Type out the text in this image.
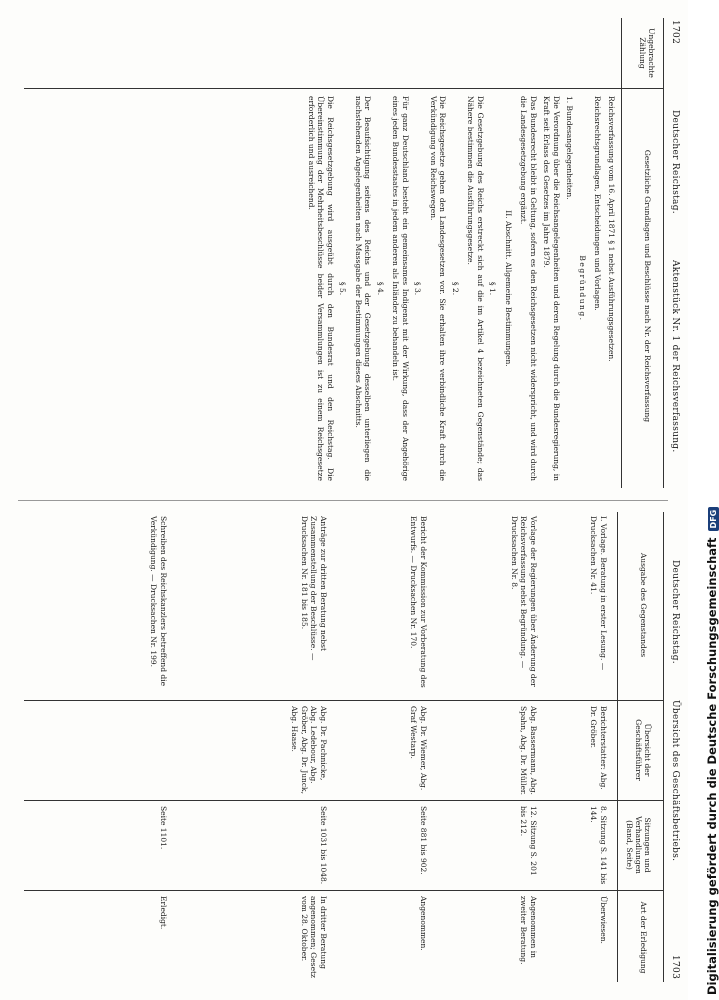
1702
Deutscher Reichstag.
Aktenstück Nr. 1 der Reichsverfassung.
Deutscher Reichstag.
Übersicht des Geschäftsbetriebs.
1703
Ungebrachte Zählung
Gesetzliche Grundlagen und Beschlüsse nach Nr. der Reichsverfassung

Reichsverfassung vom 16. April 1871 § 1 nebst Ausführungsgesetzen.

Reichsrechtsgrundlagen, Entscheidungen und Vorlagen.

Begründung.

1. Bundesangelegenheiten.

Die Verordnung über die Reichsangelegenheiten und deren Regelung durch die Bundesregierung, in Kraft seit Erlass des Gesetzes im Jahre 1879.

Das Bundesrecht bleibt in Geltung, sofern es den Reichsgesetzen nicht widerspricht, und wird durch die Landesgesetzgebung ergänzt.

II. Abschnitt. Allgemeine Bestimmungen.

§ 1.

Die Gesetzgebung des Reichs erstreckt sich auf die im Artikel 4 bezeichneten Gegenstände; das Nähere bestimmen die Ausführungsgesetze.

§ 2.

Die Reichsgesetze gehen den Landesgesetzen vor. Sie erhalten ihre verbindliche Kraft durch die Verkündigung von Reichswegen.

§ 3.

Für ganz Deutschland besteht ein gemeinsames Indigenat mit der Wirkung, dass der Angehörige eines jeden Bundesstaates in jedem anderen als Inländer zu behandeln ist.

§ 4.

Der Beaufsichtigung seitens des Reichs und der Gesetzgebung desselben unterliegen die nachstehenden Angelegenheiten nach Massgabe der Bestimmungen dieses Abschnitts.

§ 5.

Die Reichsgesetzgebung wird ausgeübt durch den Bundesrat und den Reichstag. Die Übereinstimmung der Mehrheitsbeschlüsse beider Versammlungen ist zu einem Reichsgesetze erforderlich und ausreichend.

Ausgabe des Gegenstandes
Übersicht der Geschäftsführer
Sitzungen und Verhandlungen (Band, Seite)
Art der Erledigung
I. Vorlage. Beratung in erster Lesung. — Drucksachen Nr. 41.
Berichterstatter: Abg. Dr. Gröber.
8. Sitzung S. 141 bis 144.
Überwiesen.
Vorlage der Regierungen über Änderung der Reichsverfassung nebst Begründung. — Drucksachen Nr. 8.
Abg. Bassermann, Abg. Spahn, Abg. Dr. Müller.
12. Sitzung S. 201 bis 212.
Angenommen in zweiter Beratung.
Bericht der Kommission zur Vorberatung des Entwurfs. — Drucksachen Nr. 170.
Abg. Dr. Wiemer, Abg. Graf Westarp.
Seite 881 bis 902.
Angenommen.
Anträge zur dritten Beratung nebst Zusammenstellung der Beschlüsse. — Drucksachen Nr. 181 bis 185.
Abg. Dr. Pachnicke, Abg. Ledebour, Abg. Gröber, Abg. Dr. Junck, Abg. Haase.
Seite 1031 bis 1048.
In dritter Beratung angenommen; Gesetz vom 28. Oktober.
Schreiben des Reichskanzlers betreffend die Verkündigung. — Drucksachen Nr. 199.
Seite 1101.
Erledigt.	Digitalisierung gefördert durch die Deutsche ForschungsgemeinschaftDFG
